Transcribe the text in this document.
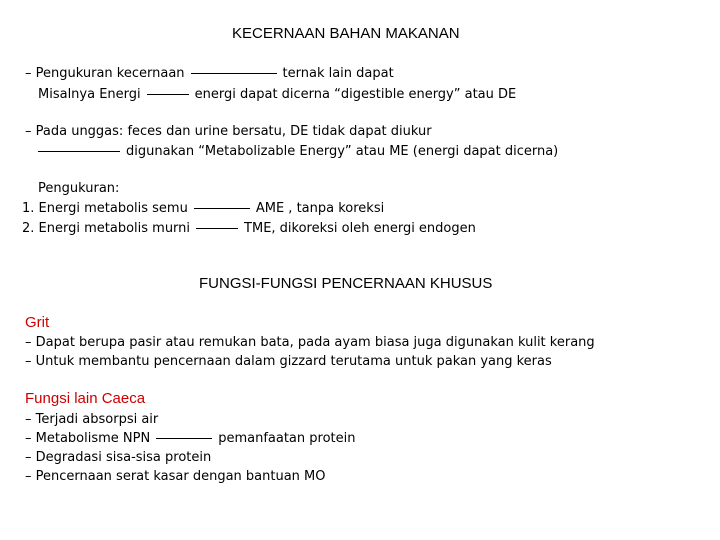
KECERNAAN BAHAN MAKANAN
– Pengukuran kecernaan	ternak lain dapat
Misalnya Energi	energi dapat dicerna “digestible energy” atau DE
– Pada unggas: feces dan urine bersatu, DE tidak dapat diukur
digunakan “Metabolizable Energy” atau ME (energi dapat dicerna)
Pengukuran:
1. Energi metabolis semu	AME , tanpa koreksi
2. Energi metabolis murni	TME, dikoreksi oleh energi endogen
FUNGSI-FUNGSI PENCERNAAN KHUSUS
Grit
– Dapat berupa pasir atau remukan bata, pada ayam biasa juga digunakan kulit kerang
– Untuk membantu pencernaan dalam gizzard terutama untuk pakan yang keras
Fungsi lain Caeca
– Terjadi absorpsi air
– Metabolisme NPN	pemanfaatan protein
– Degradasi sisa-sisa protein
– Pencernaan serat kasar dengan bantuan MO
